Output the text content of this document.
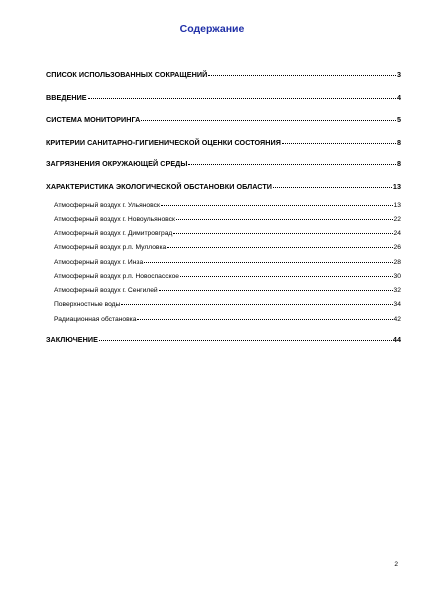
Содержание
СПИСОК ИСПОЛЬЗОВАННЫХ СОКРАЩЕНИЙ	3
ВВЕДЕНИЕ	4
СИСТЕМА МОНИТОРИНГА	5
КРИТЕРИИ САНИТАРНО-ГИГИЕНИЧЕСКОЙ ОЦЕНКИ СОСТОЯНИЯ	8
ЗАГРЯЗНЕНИЯ ОКРУЖАЮЩЕЙ СРЕДЫ	8
ХАРАКТЕРИСТИКА ЭКОЛОГИЧЕСКОЙ ОБСТАНОВКИ ОБЛАСТИ	13
Атмосферный воздух г. Ульяновск	13
Атмосферный воздух г. Новоульяновск	22
Атмосферный воздух г. Димитровград	24
Атмосферный воздух р.п. Мулловка	26
Атмосферный воздух г. Инза	28
Атмосферный воздух р.п. Новоспасское	30
Атмосферный воздух г. Сенгилей	32
Поверхностные воды	34
Радиационная обстановка	42
ЗАКЛЮЧЕНИЕ	44
2
